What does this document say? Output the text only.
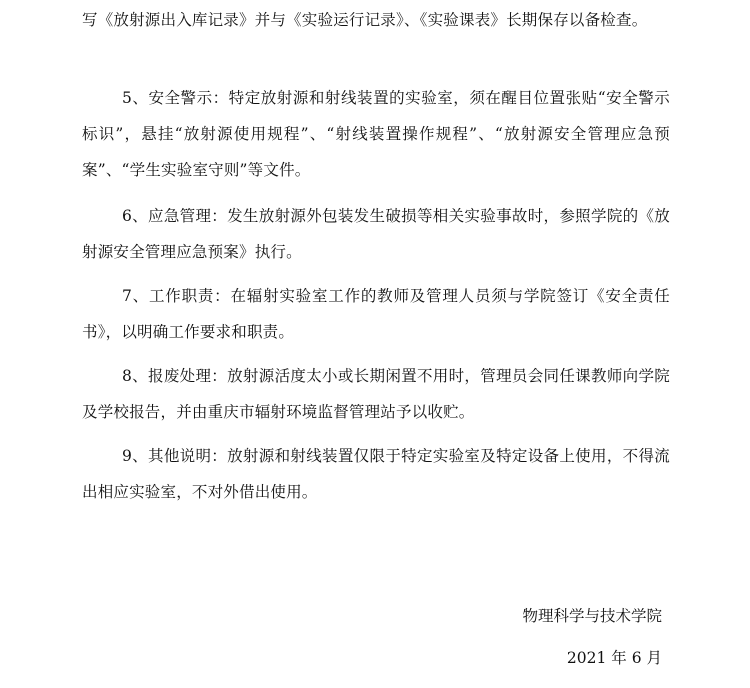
写《放射源出入库记录》并与《实验运行记录》、《实验课表》长期保存以备检查。

5、安全警示：特定放射源和射线装置的实验室，须在醒目位置张贴“安全警示标识”，悬挂“放射源使用规程”、“射线装置操作规程”、“放射源安全管理应急预案”、“学生实验室守则”等文件。

6、应急管理：发生放射源外包装发生破损等相关实验事故时，参照学院的《放射源安全管理应急预案》执行。

7、工作职责：在辐射实验室工作的教师及管理人员须与学院签订《安全责任书》，以明确工作要求和职责。

8、报废处理：放射源活度太小或长期闲置不用时，管理员会同任课教师向学院及学校报告，并由重庆市辐射环境监督管理站予以收贮。

9、其他说明：放射源和射线装置仅限于特定实验室及特定设备上使用，不得流出相应实验室，不对外借出使用。

物理科学与技术学院
2021 年 6 月
